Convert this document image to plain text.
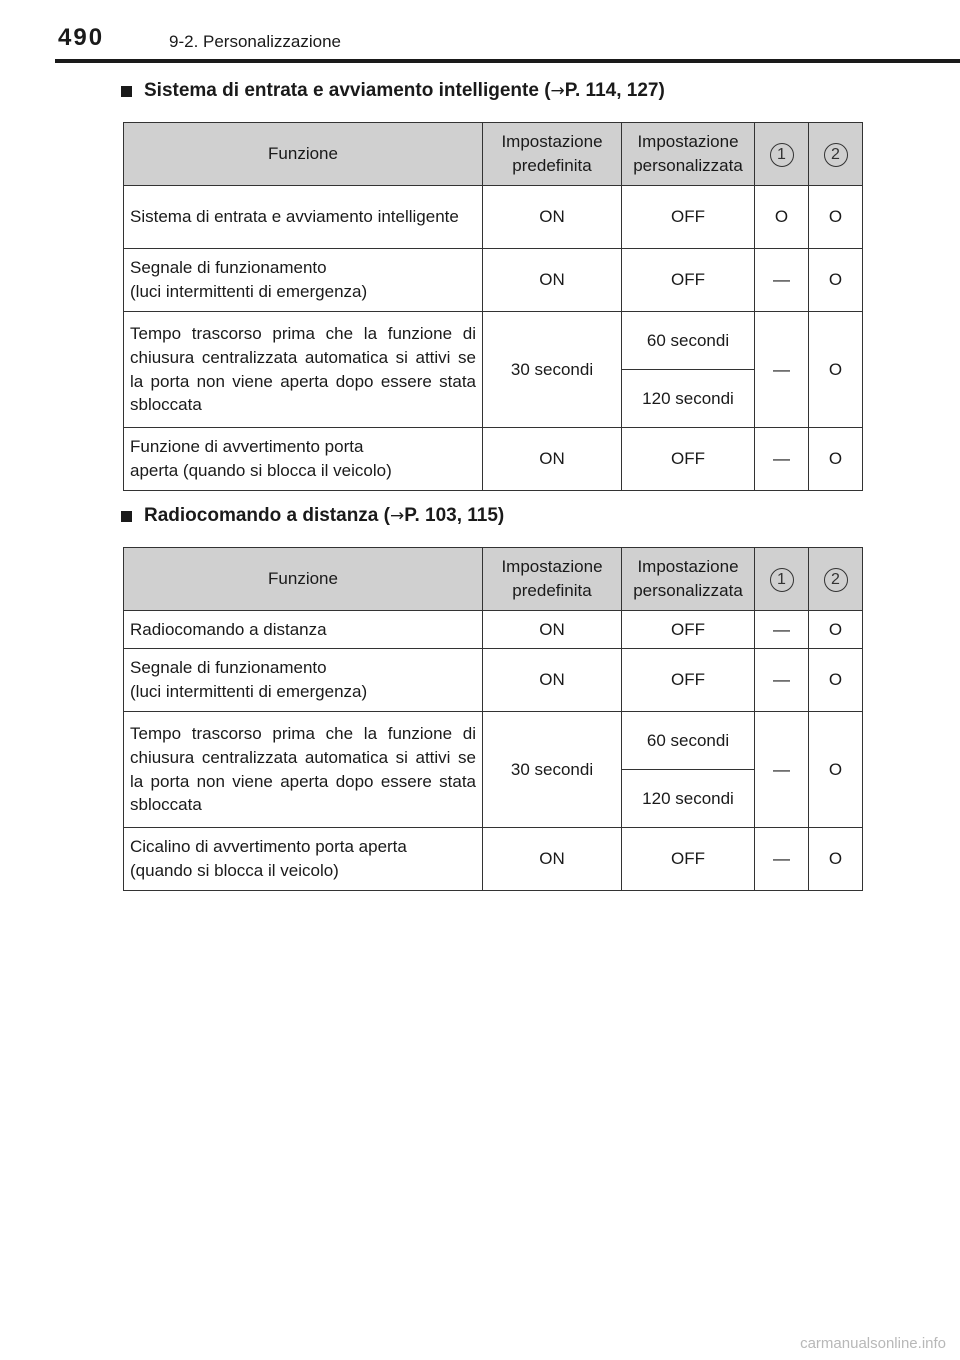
490	9-2. Personalizzazione
Sistema di entrata e avviamento intelligente ( → P. 114, 127)
Funzione	Impostazione predefinita	Impostazione personalizzata	1	2
Sistema di entrata e avviamento intelligente	ON	OFF	O	O
Segnale di funzionamento
(luci intermittenti di emergenza)	ON	OFF	—	O
Tempo trascorso prima che la funzione di chiusura centralizzata automatica si attivi se la porta non viene aperta dopo essere stata sbloccata	30 secondi	60 secondi	—	O
		120 secondi		
Funzione di avvertimento porta
aperta (quando si blocca il veicolo)	ON	OFF	—	O
Radiocomando a distanza ( → P. 103, 115)
Funzione	Impostazione predefinita	Impostazione personalizzata	1	2
Radiocomando a distanza	ON	OFF	—	O
Segnale di funzionamento
(luci intermittenti di emergenza)	ON	OFF	—	O
Tempo trascorso prima che la funzione di chiusura centralizzata automatica si attivi se la porta non viene aperta dopo essere stata sbloccata	30 secondi	60 secondi	—	O
		120 secondi		
Cicalino di avvertimento porta aperta
(quando si blocca il veicolo)	ON	OFF	—	O
carmanualsonline.info
